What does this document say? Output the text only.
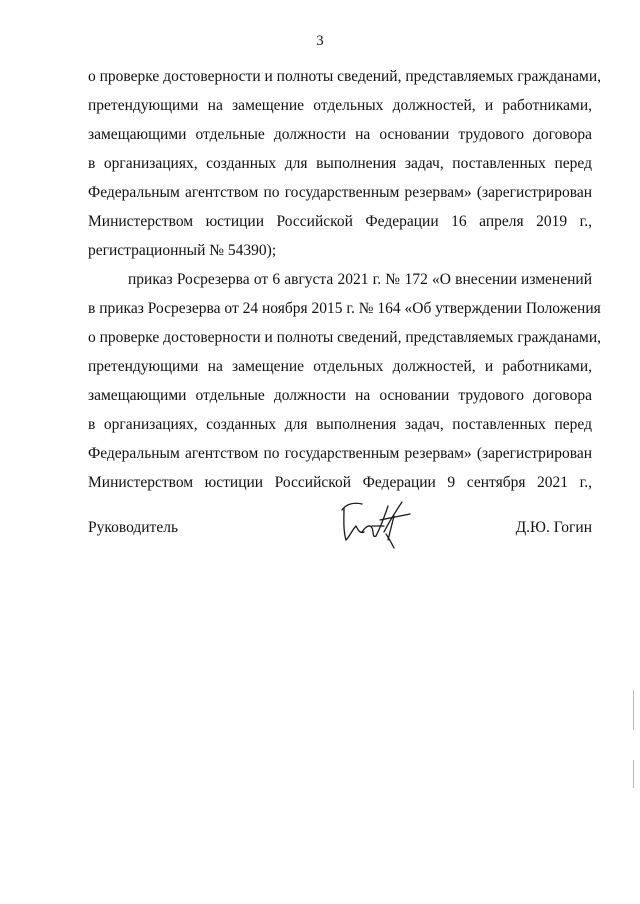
3
о проверке достоверности и полноты сведений, представляемых гражданами,
претендующими на замещение отдельных должностей, и работниками,
замещающими отдельные должности на основании трудового договора
в организациях, созданных для выполнения задач, поставленных перед
Федеральным агентством по государственным резервам» (зарегистрирован
Министерством юстиции Российской Федерации 16 апреля 2019 г.,
регистрационный № 54390);
приказ Росрезерва от 6 августа 2021 г. № 172 «О внесении изменений
в приказ Росрезерва от 24 ноября 2015 г. № 164 «Об утверждении Положения
о проверке достоверности и полноты сведений, представляемых гражданами,
претендующими на замещение отдельных должностей, и работниками,
замещающими отдельные должности на основании трудового договора
в организациях, созданных для выполнения задач, поставленных перед
Федеральным агентством по государственным резервам» (зарегистрирован
Министерством юстиции Российской Федерации 9 сентября 2021 г.,
Руководитель	Д.Ю. Гогин
